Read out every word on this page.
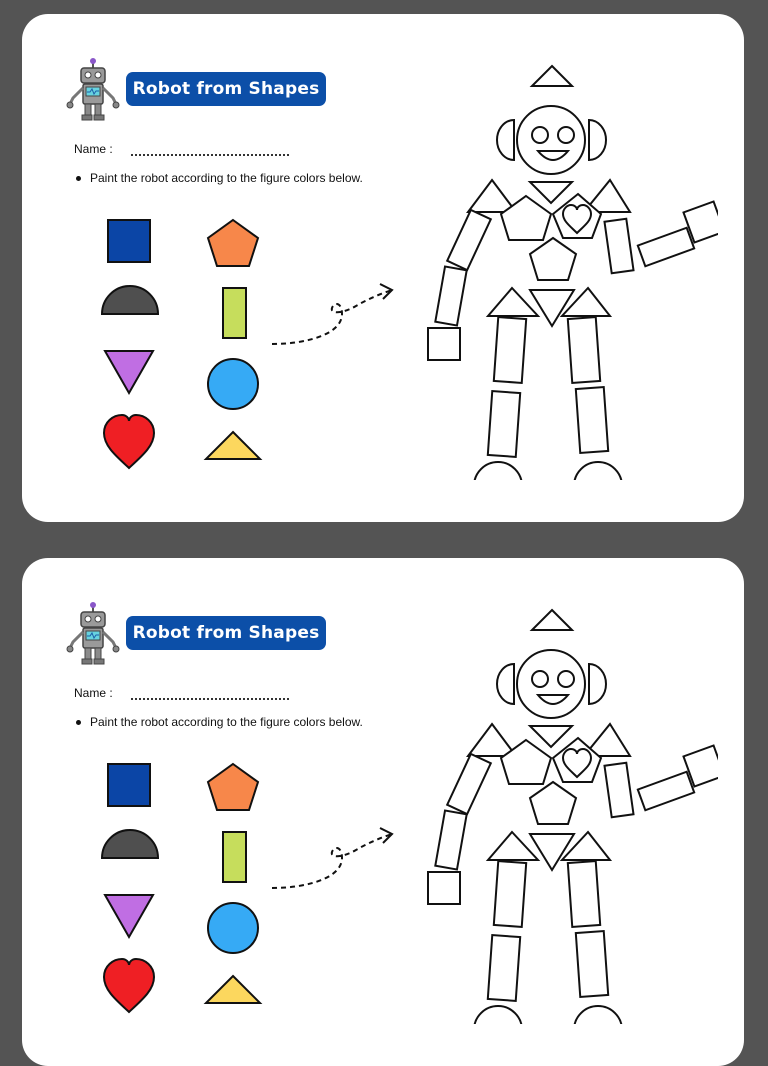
Robot from Shapes
Name :
Paint the robot according to the figure colors below.
Robot from Shapes
Name :
Paint the robot according to the figure colors below.
